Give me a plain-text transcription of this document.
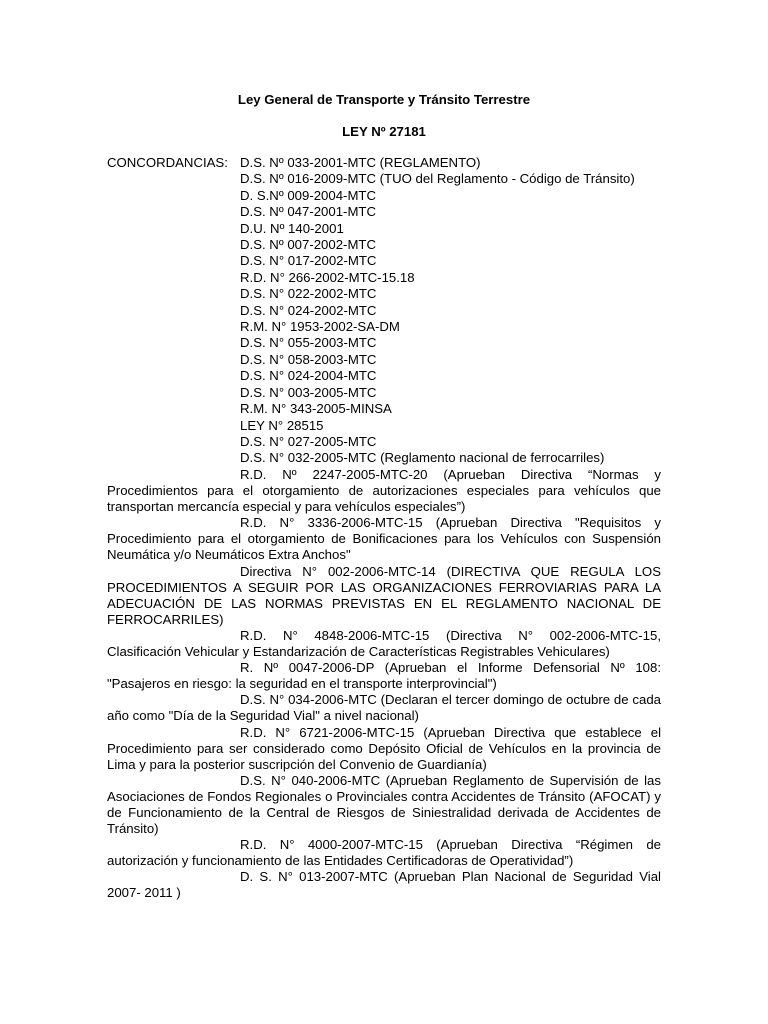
Ley General de Transporte y Tránsito Terrestre
LEY Nº 27181
CONCORDANCIAS: D.S. Nº 033-2001-MTC (REGLAMENTO)
D.S. Nº 016-2009-MTC (TUO del Reglamento - Código de Tránsito)
D. S.Nº 009-2004-MTC
D.S. Nº 047-2001-MTC
D.U. Nº 140-2001
D.S. Nº 007-2002-MTC
D.S. N° 017-2002-MTC
R.D. N° 266-2002-MTC-15.18
D.S. N° 022-2002-MTC
D.S. N° 024-2002-MTC
R.M. N° 1953-2002-SA-DM
D.S. N° 055-2003-MTC
D.S. N° 058-2003-MTC
D.S. N° 024-2004-MTC
D.S. N° 003-2005-MTC
R.M. N° 343-2005-MINSA
LEY N° 28515
D.S. N° 027-2005-MTC
D.S. N° 032-2005-MTC (Reglamento nacional de ferrocarriles)

R.D. Nº 2247-2005-MTC-20 (Aprueban Directiva “Normas y Procedimientos para el otorgamiento de autorizaciones especiales para vehículos que transportan mercancía especial y para vehículos especiales”)

R.D. N° 3336-2006-MTC-15 (Aprueban Directiva "Requisitos y Procedimiento para el otorgamiento de Bonificaciones para los Vehículos con Suspensión Neumática y/o Neumáticos Extra Anchos"

Directiva N° 002-2006-MTC-14 (DIRECTIVA QUE REGULA LOS PROCEDIMIENTOS A SEGUIR POR LAS ORGANIZACIONES FERROVIARIAS PARA LA ADECUACIÓN DE LAS NORMAS PREVISTAS EN EL REGLAMENTO NACIONAL DE FERROCARRILES)

R.D. N° 4848-2006-MTC-15 (Directiva N° 002-2006-MTC-15, Clasificación Vehicular y Estandarización de Características Registrables Vehiculares)

R. Nº 0047-2006-DP (Aprueban el Informe Defensorial Nº 108: "Pasajeros en riesgo: la seguridad en el transporte interprovincial")

D.S. N° 034-2006-MTC (Declaran el tercer domingo de octubre de cada año como "Día de la Seguridad Vial" a nivel nacional)

R.D. N° 6721-2006-MTC-15 (Aprueban Directiva que establece el Procedimiento para ser considerado como Depósito Oficial de Vehículos en la provincia de Lima y para la posterior suscripción del Convenio de Guardianía)

D.S. N° 040-2006-MTC (Aprueban Reglamento de Supervisión de las Asociaciones de Fondos Regionales o Provinciales contra Accidentes de Tránsito (AFOCAT) y de Funcionamiento de la Central de Riesgos de Siniestralidad derivada de Accidentes de Tránsito)

R.D. N° 4000-2007-MTC-15 (Aprueban Directiva “Régimen de autorización y funcionamiento de las Entidades Certificadoras de Operatividad”)

D. S. N° 013-2007-MTC (Aprueban Plan Nacional de Seguridad Vial 2007- 2011 )
